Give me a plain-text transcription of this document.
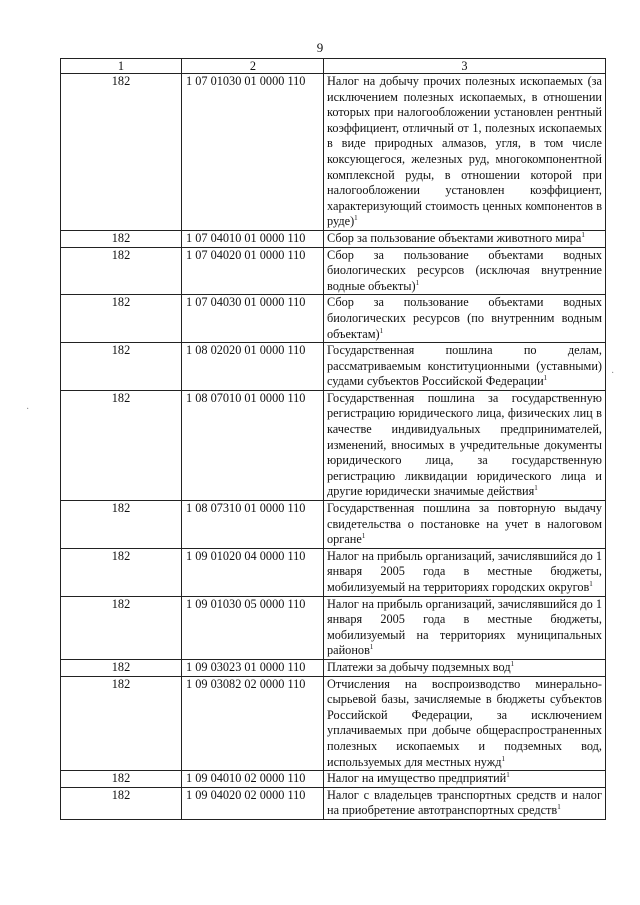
9
1	2	3
182	1 07 01030 01 0000 110	Налог на добычу прочих полезных ископаемых (за исключением полезных ископаемых, в отношении которых при налогообложении установлен рентный коэффициент, отличный от 1, полезных ископаемых в виде природных алмазов, угля, в том числе коксующегося, железных руд, многокомпонентной комплексной руды, в отношении которой при налогообложении установлен коэффициент, характеризующий стоимость ценных компонентов в руде)$^1$
182	1 07 04010 01 0000 110	Сбор за пользование объектами животного мира$^1$
182	1 07 04020 01 0000 110	Сбор за пользование объектами водных биологических ресурсов (исключая внутренние водные объекты)$^1$
182	1 07 04030 01 0000 110	Сбор за пользование объектами водных биологических ресурсов (по внутренним водным объектам)$^1$
182	1 08 02020 01 0000 110	Государственная пошлина по делам, рассматриваемым конституционными (уставными) судами субъектов Российской Федерации$^1$
182	1 08 07010 01 0000 110	Государственная пошлина за государственную регистрацию юридического лица, физических лиц в качестве индивидуальных предпринимателей, изменений, вносимых в учредительные документы юридического лица, за государственную регистрацию ликвидации юридического лица и другие юридически значимые действия$^1$
182	1 08 07310 01 0000 110	Государственная пошлина за повторную выдачу свидетельства о постановке на учет в налоговом органе$^1$
182	1 09 01020 04 0000 110	Налог на прибыль организаций, зачислявшийся до 1 января 2005 года в местные бюджеты, мобилизуемый на территориях городских округов$^1$
182	1 09 01030 05 0000 110	Налог на прибыль организаций, зачислявшийся до 1 января 2005 года в местные бюджеты, мобилизуемый на территориях муниципальных районов$^1$
182	1 09 03023 01 0000 110	Платежи за добычу подземных вод$^1$
182	1 09 03082 02 0000 110	Отчисления на воспроизводство минерально-сырьевой базы, зачисляемые в бюджеты субъектов Российской Федерации, за исключением уплачиваемых при добыче общераспространенных полезных ископаемых и подземных вод, используемых для местных нужд$^1$
182	1 09 04010 02 0000 110	Налог на имущество предприятий$^1$
182	1 09 04020 02 0000 110	Налог с владельцев транспортных средств и налог на приобретение автотранспортных средств$^1$
·
·
